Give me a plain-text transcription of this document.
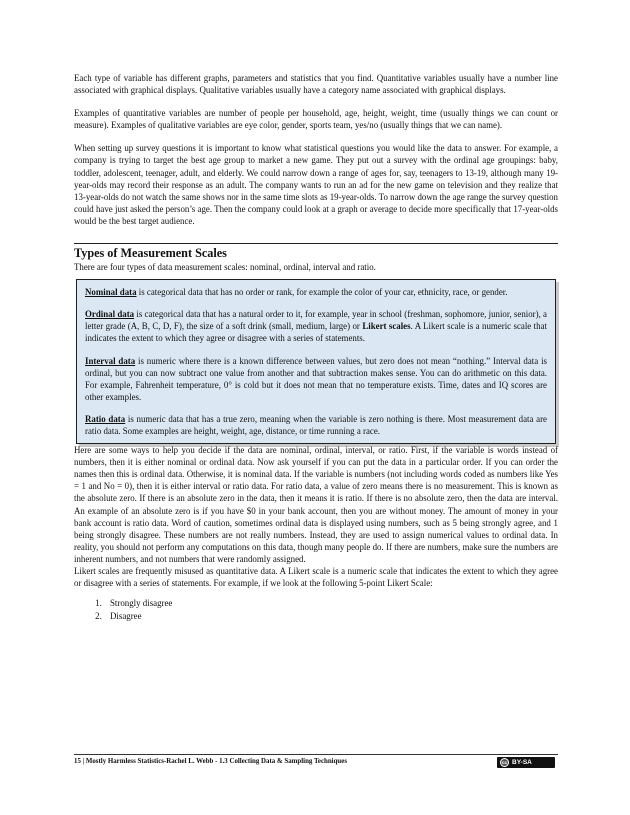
Each type of variable has different graphs, parameters and statistics that you find. Quantitative variables usually have a number line associated with graphical displays. Qualitative variables usually have a category name associated with graphical displays.

Examples of quantitative variables are number of people per household, age, height, weight, time (usually things we can count or measure). Examples of qualitative variables are eye color, gender, sports team, yes/no (usually things that we can name).

When setting up survey questions it is important to know what statistical questions you would like the data to answer. For example, a company is trying to target the best age group to market a new game. They put out a survey with the ordinal age groupings: baby, toddler, adolescent, teenager, adult, and elderly. We could narrow down a range of ages for, say, teenagers to 13-19, although many 19-year-olds may record their response as an adult. The company wants to run an ad for the new game on television and they realize that 13-year-olds do not watch the same shows nor in the same time slots as 19-year-olds. To narrow down the age range the survey question could have just asked the person’s age. Then the company could look at a graph or average to decide more specifically that 17-year-olds would be the best target audience.

Types of Measurement Scales

There are four types of data measurement scales: nominal, ordinal, interval and ratio.

Nominal data is categorical data that has no order or rank, for example the color of your car, ethnicity, race, or gender.

Ordinal data is categorical data that has a natural order to it, for example, year in school (freshman, sophomore, junior, senior), a letter grade (A, B, C, D, F), the size of a soft drink (small, medium, large) or Likert scales. A Likert scale is a numeric scale that indicates the extent to which they agree or disagree with a series of statements.

Interval data is numeric where there is a known difference between values, but zero does not mean “nothing.” Interval data is ordinal, but you can now subtract one value from another and that subtraction makes sense. You can do arithmetic on this data. For example, Fahrenheit temperature, 0° is cold but it does not mean that no temperature exists. Time, dates and IQ scores are other examples.

Ratio data is numeric data that has a true zero, meaning when the variable is zero nothing is there. Most measurement data are ratio data. Some examples are height, weight, age, distance, or time running a race.

Here are some ways to help you decide if the data are nominal, ordinal, interval, or ratio. First, if the variable is words instead of numbers, then it is either nominal or ordinal data. Now ask yourself if you can put the data in a particular order. If you can order the names then this is ordinal data. Otherwise, it is nominal data. If the variable is numbers (not including words coded as numbers like Yes = 1 and No = 0), then it is either interval or ratio data. For ratio data, a value of zero means there is no measurement. This is known as the absolute zero. If there is an absolute zero in the data, then it means it is ratio. If there is no absolute zero, then the data are interval. An example of an absolute zero is if you have $0 in your bank account, then you are without money. The amount of money in your bank account is ratio data. Word of caution, sometimes ordinal data is displayed using numbers, such as 5 being strongly agree, and 1 being strongly disagree. These numbers are not really numbers. Instead, they are used to assign numerical values to ordinal data. In reality, you should not perform any computations on this data, though many people do. If there are numbers, make sure the numbers are inherent numbers, and not numbers that were randomly assigned.

Likert scales are frequently misused as quantitative data. A Likert scale is a numeric scale that indicates the extent to which they agree or disagree with a series of statements. For example, if we look at the following 5-point Likert Scale:

1. Strongly disagree
2. Disagree
15 | Mostly Harmless Statistics-Rachel L. Webb - 1.3 Collecting Data & Sampling Techniques	cc BY-SA
